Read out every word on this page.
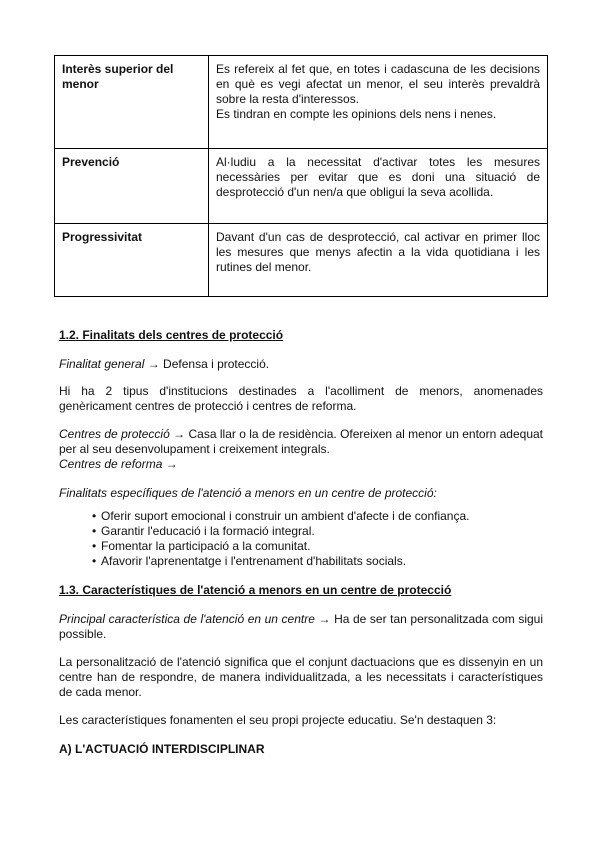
Interès superior del menor	Es refereix al fet que, en totes i cadascuna de les decisions en què es vegi afectat un menor, el seu interès prevaldrà sobre la resta d'interessos.

Es tindran en compte les opinions dels nens i nenes.

Prevenció	Al·ludiu a la necessitat d'activar totes les mesures necessàries per evitar que es doni una situació de desprotecció d'un nen/a que obligui la seva acollida.

Progressivitat	Davant d'un cas de desprotecció, cal activar en primer lloc les mesures que menys afectin a la vida quotidiana i les rutines del menor.

1.2. Finalitats dels centres de protecció
Finalitat general → Defensa i protecció.
Hi ha 2 tipus d'institucions destinades a l'acolliment de menors, anomenades genèricament centres de protecció i centres de reforma.
Centres de protecció → Casa llar o la de residència. Ofereixen al menor un entorn adequat per al seu desenvolupament i creixement integrals.
Centres de reforma →
Finalitats específiques de l'atenció a menors en un centre de protecció:
• Oferir suport emocional i construir un ambient d'afecte i de confiança.
• Garantir l'educació i la formació integral.
• Fomentar la participació a la comunitat.
• Afavorir l'aprenentatge i l'entrenament d'habilitats socials.
1.3. Característiques de l'atenció a menors en un centre de protecció
Principal característica de l'atenció en un centre → Ha de ser tan personalitzada com sigui possible.
La personalització de l'atenció significa que el conjunt dactuacions que es dissenyin en un centre han de respondre, de manera individualitzada, a les necessitats i característiques de cada menor.
Les característiques fonamenten el seu propi projecte educatiu. Se'n destaquen 3:
A) L'ACTUACIÓ INTERDISCIPLINAR
